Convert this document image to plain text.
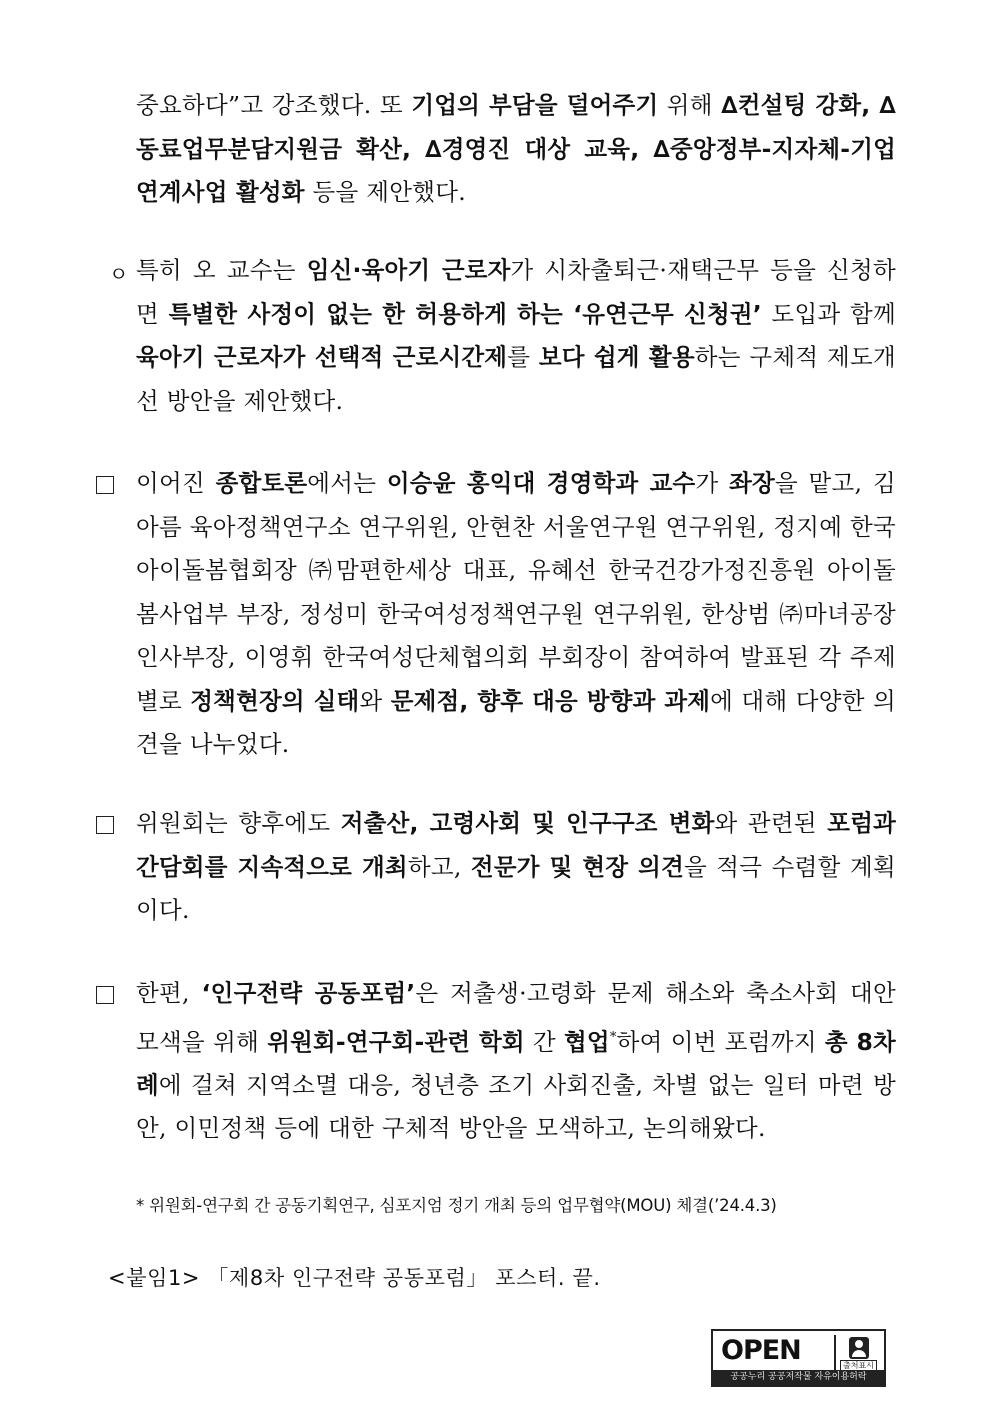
중요하다”고 강조했다. 또 기업의 부담을 덜어주기 위해 ∆컨설팅 강화, ∆동료업무분담지원금 확산, ∆경영진 대상 교육, ∆중앙정부-지자체-기업 연계사업 활성화 등을 제안했다.
ㅇ 특히 오 교수는 임신·육아기 근로자가 시차출퇴근·재택근무 등을 신청하면 특별한 사정이 없는 한 허용하게 하는 ‘유연근무 신청권’ 도입과 함께 육아기 근로자가 선택적 근로시간제를 보다 쉽게 활용하는 구체적 제도개선 방안을 제안했다.
이어진 종합토론에서는 이승윤 홍익대 경영학과 교수가 좌장을 맡고, 김아름 육아정책연구소 연구위원, 안현찬 서울연구원 연구위원, 정지예 한국아이돌봄협회장 ㈜맘편한세상 대표, 유혜선 한국건강가정진흥원 아이돌봄사업부 부장, 정성미 한국여성정책연구원 연구위원, 한상범 ㈜마녀공장 인사부장, 이영휘 한국여성단체협의회 부회장이 참여하여 발표된 각 주제별로 정책현장의 실태와 문제점, 향후 대응 방향과 과제에 대해 다양한 의견을 나누었다.
위원회는 향후에도 저출산, 고령사회 및 인구구조 변화와 관련된 포럼과 간담회를 지속적으로 개최하고, 전문가 및 현장 의견을 적극 수렴할 계획이다.
한편, ‘인구전략 공동포럼’은 저출생·고령화 문제 해소와 축소사회 대안 모색을 위해 위원회-연구회-관련 학회 간 협업*하여 이번 포럼까지 총 8차례에 걸쳐 지역소멸 대응, 청년층 조기 사회진출, 차별 없는 일터 마련 방안, 이민정책 등에 대한 구체적 방안을 모색하고, 논의해왔다.
* 위원회-연구회 간 공동기획연구, 심포지엄 정기 개최 등의 업무협약(MOU) 체결(’24.4.3)
<붙임1> 「제8차 인구전략 공동포럼」 포스터. 끝.
OPEN	출처표시
공공누리 공공저작물 자유이용허락
